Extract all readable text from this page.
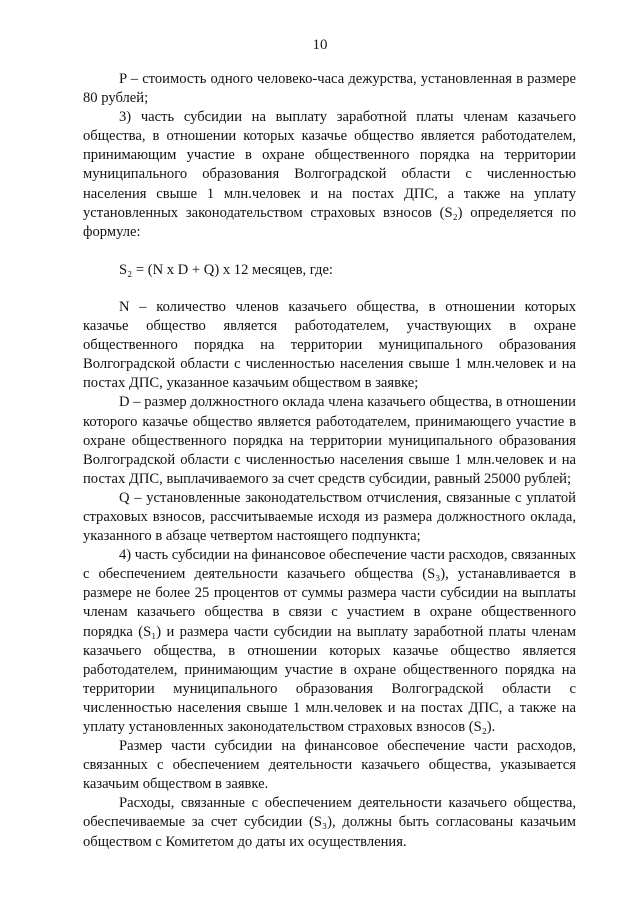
10

P – стоимость одного человеко-часа дежурства, установленная в размере 80 рублей;

3) часть субсидии на выплату заработной платы членам казачьего общества, в отношении которых казачье общество является работодателем, принимающим участие в охране общественного порядка на территории муниципального образования Волгоградской области с численностью населения свыше 1 млн.человек и на постах ДПС, а также на уплату установленных законодательством страховых взносов (S₂) определяется по формуле:

S₂ = (N x D + Q) x 12 месяцев, где:

N – количество членов казачьего общества, в отношении которых казачье общество является работодателем, участвующих в охране общественного порядка на территории муниципального образования Волгоградской области с численностью населения свыше 1 млн.человек и на постах ДПС, указанное казачьим обществом в заявке;

D – размер должностного оклада члена казачьего общества, в отношении которого казачье общество является работодателем, принимающего участие в охране общественного порядка на территории муниципального образования Волгоградской области с численностью населения свыше 1 млн.человек и на постах ДПС, выплачиваемого за счет средств субсидии, равный 25000 рублей;

Q – установленные законодательством отчисления, связанные с уплатой страховых взносов, рассчитываемые исходя из размера должностного оклада, указанного в абзаце четвертом настоящего подпункта;

4) часть субсидии на финансовое обеспечение части расходов, связанных с обеспечением деятельности казачьего общества (S₃), устанавливается в размере не более 25 процентов от суммы размера части субсидии на выплаты членам казачьего общества в связи с участием в охране общественного порядка (S₁) и размера части субсидии на выплату заработной платы членам казачьего общества, в отношении которых казачье общество является работодателем, принимающим участие в охране общественного порядка на территории муниципального образования Волгоградской области с численностью населения свыше 1 млн.человек и на постах ДПС, а также на уплату установленных законодательством страховых взносов (S₂).

Размер части субсидии на финансовое обеспечение части расходов, связанных с обеспечением деятельности казачьего общества, указывается казачьим обществом в заявке.

Расходы, связанные с обеспечением деятельности казачьего общества, обеспечиваемые за счет субсидии (S₃), должны быть согласованы казачьим обществом с Комитетом до даты их осуществления.
